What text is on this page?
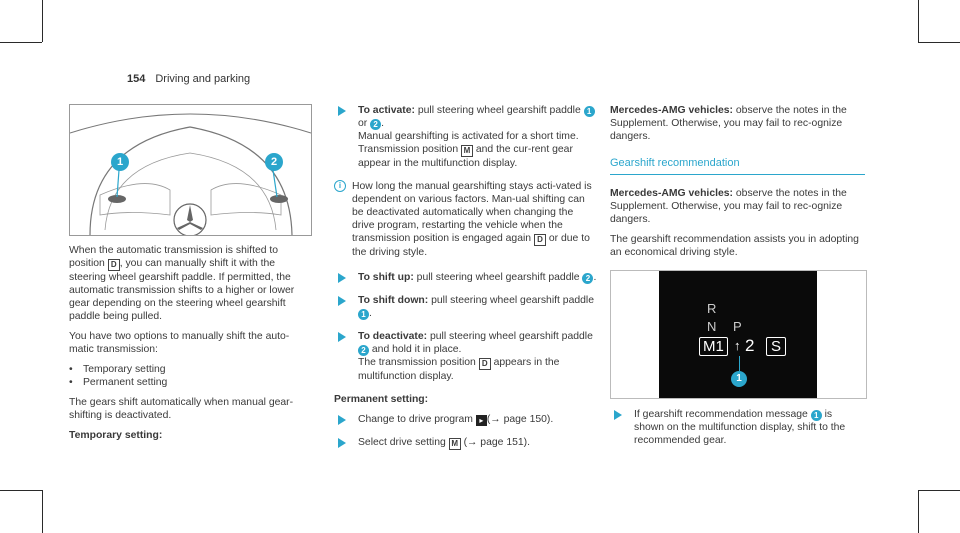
154 Driving and parking
1	2

When the automatic transmission is shifted to position D , you can manually shift it with the steering wheel gearshift paddle. If permitted, the automatic transmission shifts to a higher or lower gear depending on the steering wheel gearshift paddle being pulled.

You have two options to manually shift the auto-matic transmission:

• Temporary setting
• Permanent setting

The gears shift automatically when manual gear-shifting is deactivated.

Temporary setting:

To activate: pull steering wheel gearshift paddle 1 or 2 .
Manual gearshifting is activated for a short time. Transmission position M and the cur-rent gear appear in the multifunction display.
i	How long the manual gearshifting stays acti-vated is dependent on various factors. Man-ual shifting can be deactivated automatically when changing the drive program, restarting the vehicle when the transmission position is engaged again D or due to the driving style.
To shift up: pull steering wheel gearshift paddle 2 .
To shift down: pull steering wheel gearshift paddle 1 .
To deactivate: pull steering wheel gearshift paddle 2 and hold it in place.
The transmission position D appears in the multifunction display.

Permanent setting:

Change to drive program ▸ (→ page 150).
Select drive setting M (→ page 151).

Mercedes-AMG vehicles: observe the notes in the Supplement. Otherwise, you may fail to rec-ognize dangers.

Gearshift recommendation

Mercedes-AMG vehicles: observe the notes in the Supplement. Otherwise, you may fail to rec-ognize dangers.

The gearshift recommendation assists you in adopting an economical driving style.

R
N P
M1 ↑ 2	S
1
If gearshift recommendation message 1 is shown on the multifunction display, shift to the recommended gear.
